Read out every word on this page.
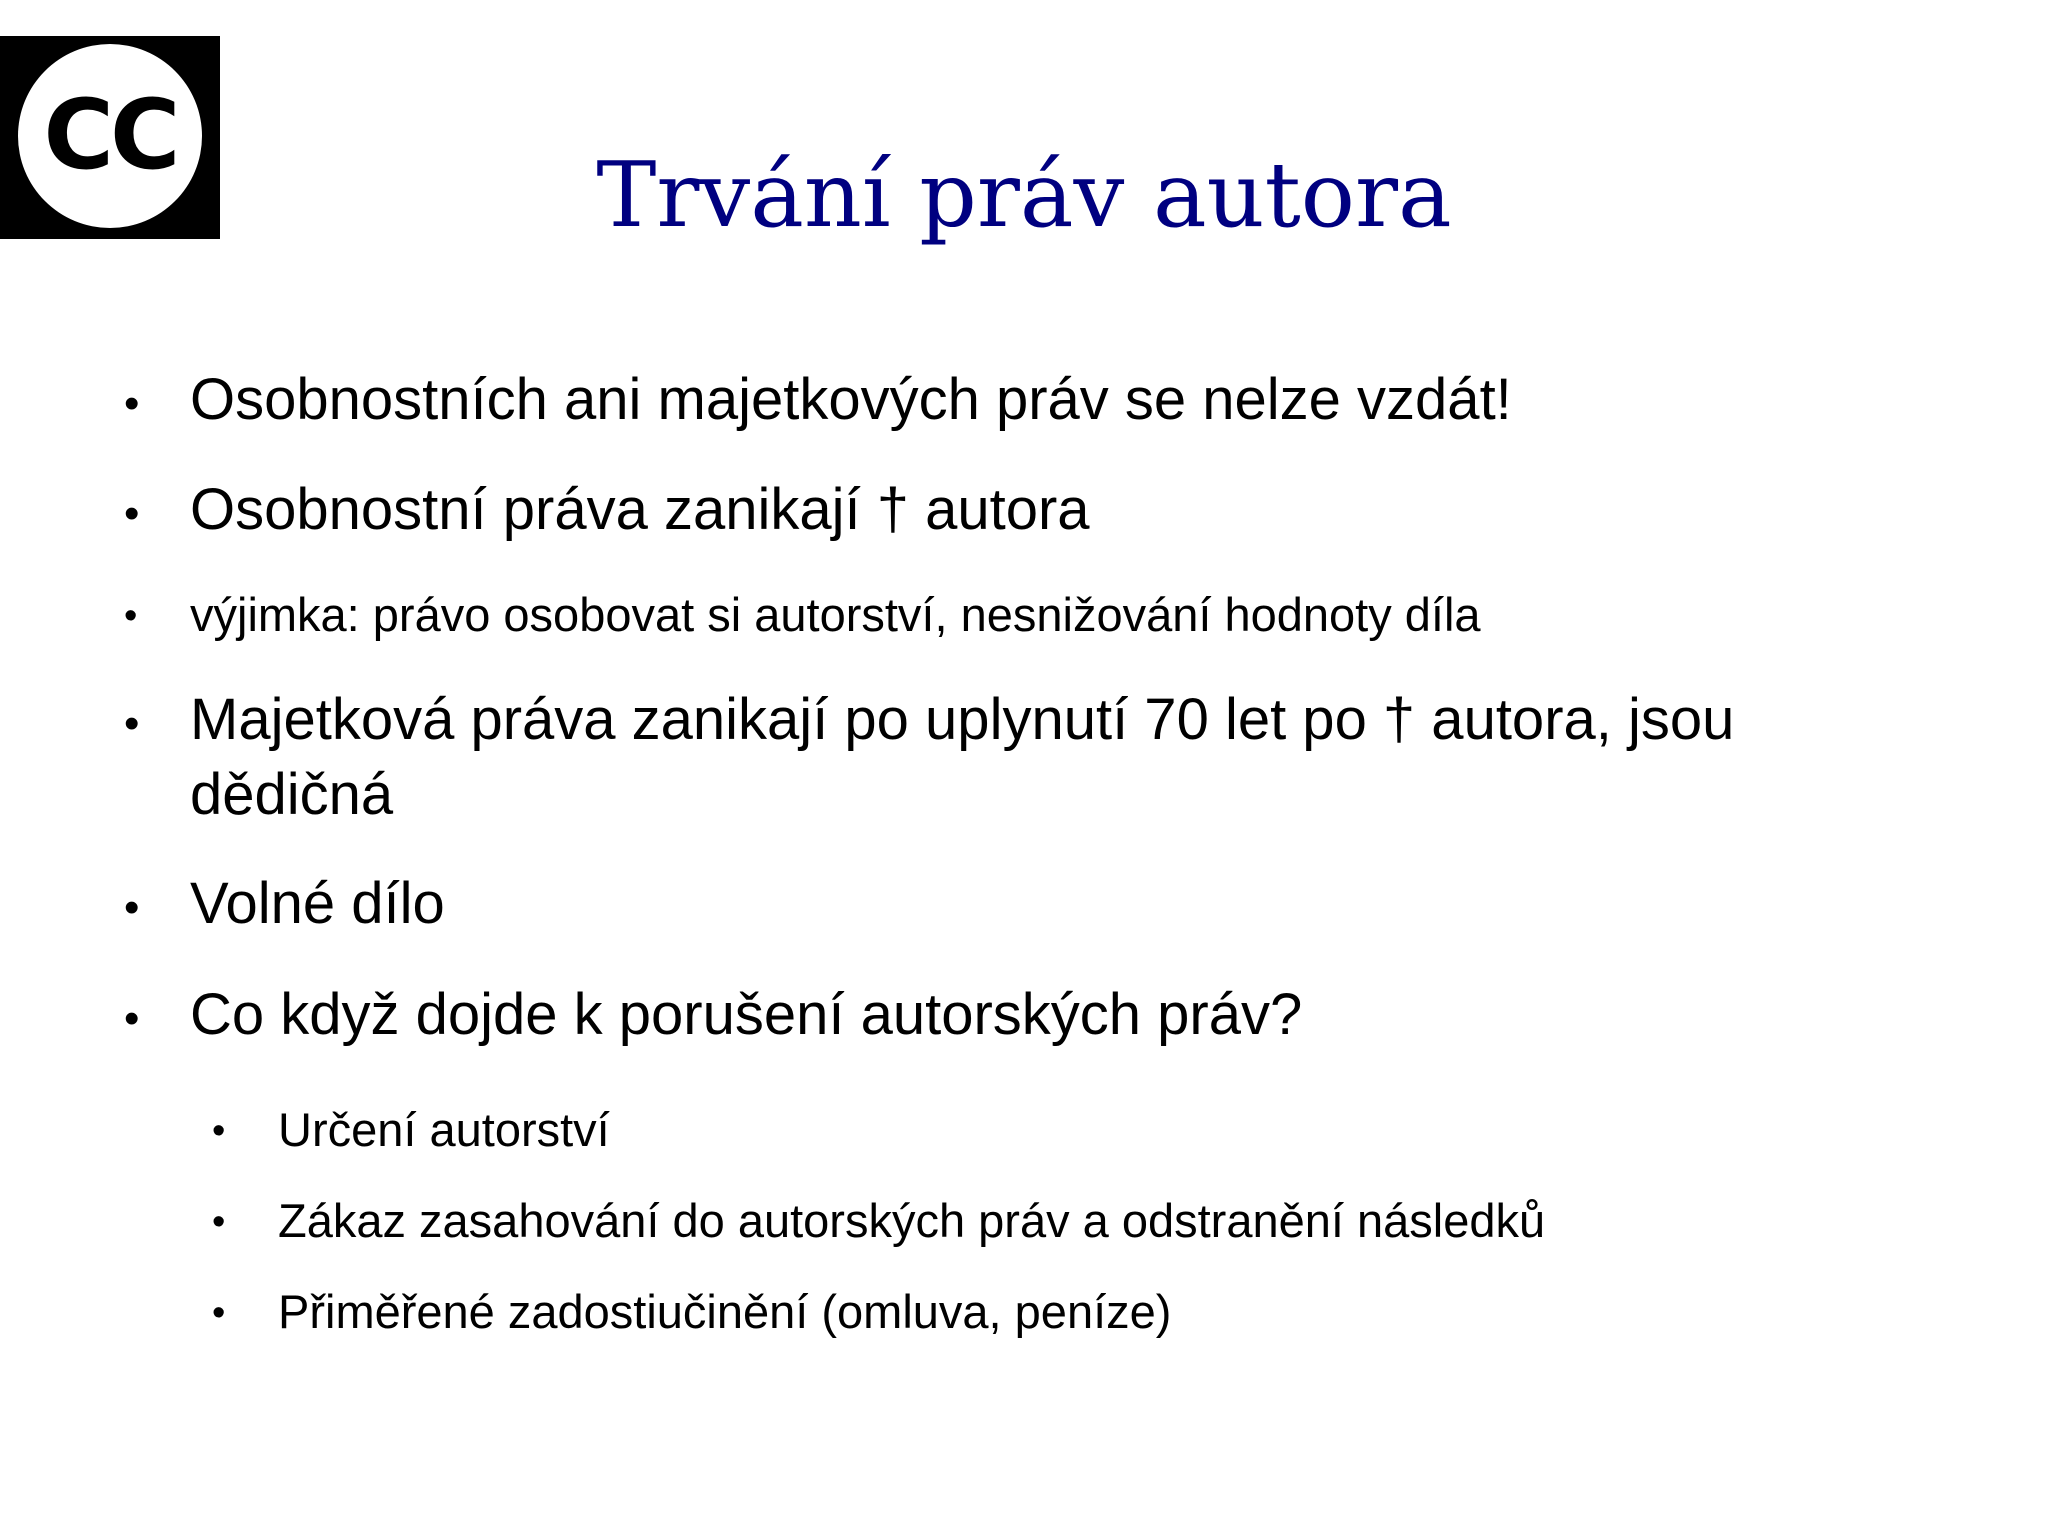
CC
Trvání práv autora
• Osobnostních ani majetkových práv se nelze vzdát!
• Osobnostní práva zanikají † autora
• výjimka: právo osobovat si autorství, nesnižování hodnoty díla
• Majetková práva zanikají po uplynutí 70 let po † autora, jsou
dědičná
• Volné dílo
• Co když dojde k porušení autorských práv?
• Určení autorství
• Zákaz zasahování do autorských práv a odstranění následků
• Přiměřené zadostiučinění (omluva, peníze)
